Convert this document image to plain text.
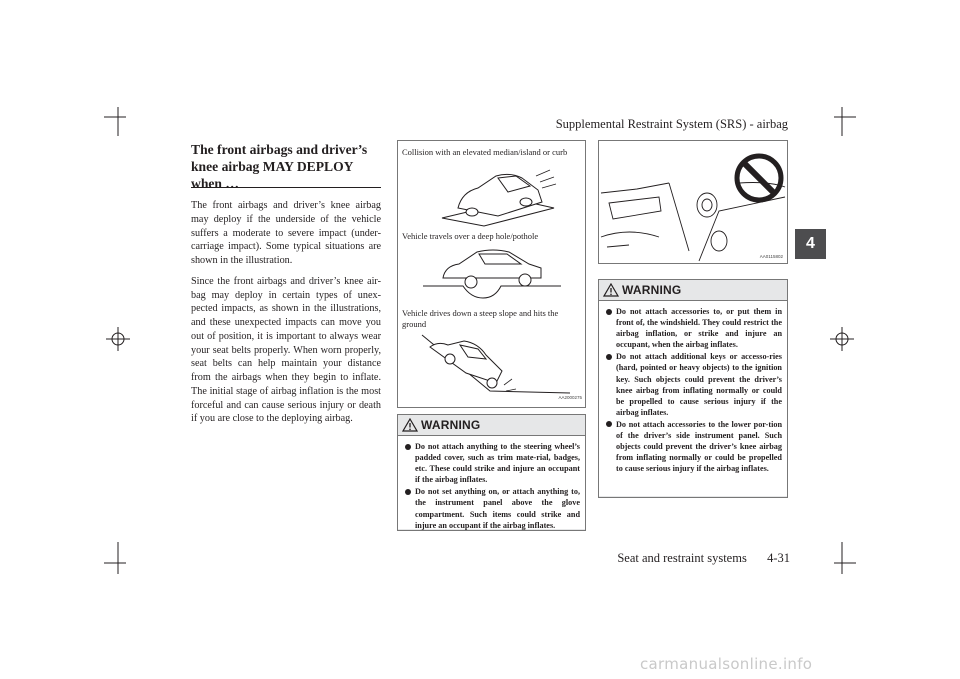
Supplemental Restraint System (SRS) - airbag
4
The front airbags and driver’s knee airbag MAY DEPLOY when …

The front airbags and driver’s knee airbag may deploy if the underside of the vehicle suffers a moderate to severe impact (under-carriage impact). Some typical situations are shown in the illustration.

Since the front airbags and driver’s knee air-bag may deploy in certain types of unex-pected impacts, as shown in the illustrations, and these unexpected impacts can move you out of position, it is important to always wear your seat belts properly. When worn properly, seat belts can help maintain your distance from the airbags when they begin to inflate. The initial stage of airbag inflation is the most forceful and can cause serious injury or death if you are close to the deploying airbag.

Collision with an elevated median/island or curb
Vehicle travels over a deep hole/pothole
Vehicle drives down a steep slope and hits the ground
AA2000275
WARNING
Do not attach anything to the steering wheel’s padded cover, such as trim mate-rial, badges, etc. These could strike and injure an occupant if the airbag inflates.
Do not set anything on, or attach anything to, the instrument panel above the glove compartment. Such items could strike and injure an occupant if the airbag inflates.
AA0115802
WARNING
Do not attach accessories to, or put them in front of, the windshield. They could restrict the airbag inflation, or strike and injure an occupant, when the airbag inflates.
Do not attach additional keys or accesso-ries (hard, pointed or heavy objects) to the ignition key. Such objects could prevent the driver’s knee airbag from inflating normally or could be propelled to cause serious injury if the airbag inflates.
Do not attach accessories to the lower por-tion of the driver’s side instrument panel. Such objects could prevent the driver’s knee airbag from inflating normally or could be propelled to cause serious injury if the airbag inflates.
Seat and restraint systems 4-31
carmanualsonline.info
